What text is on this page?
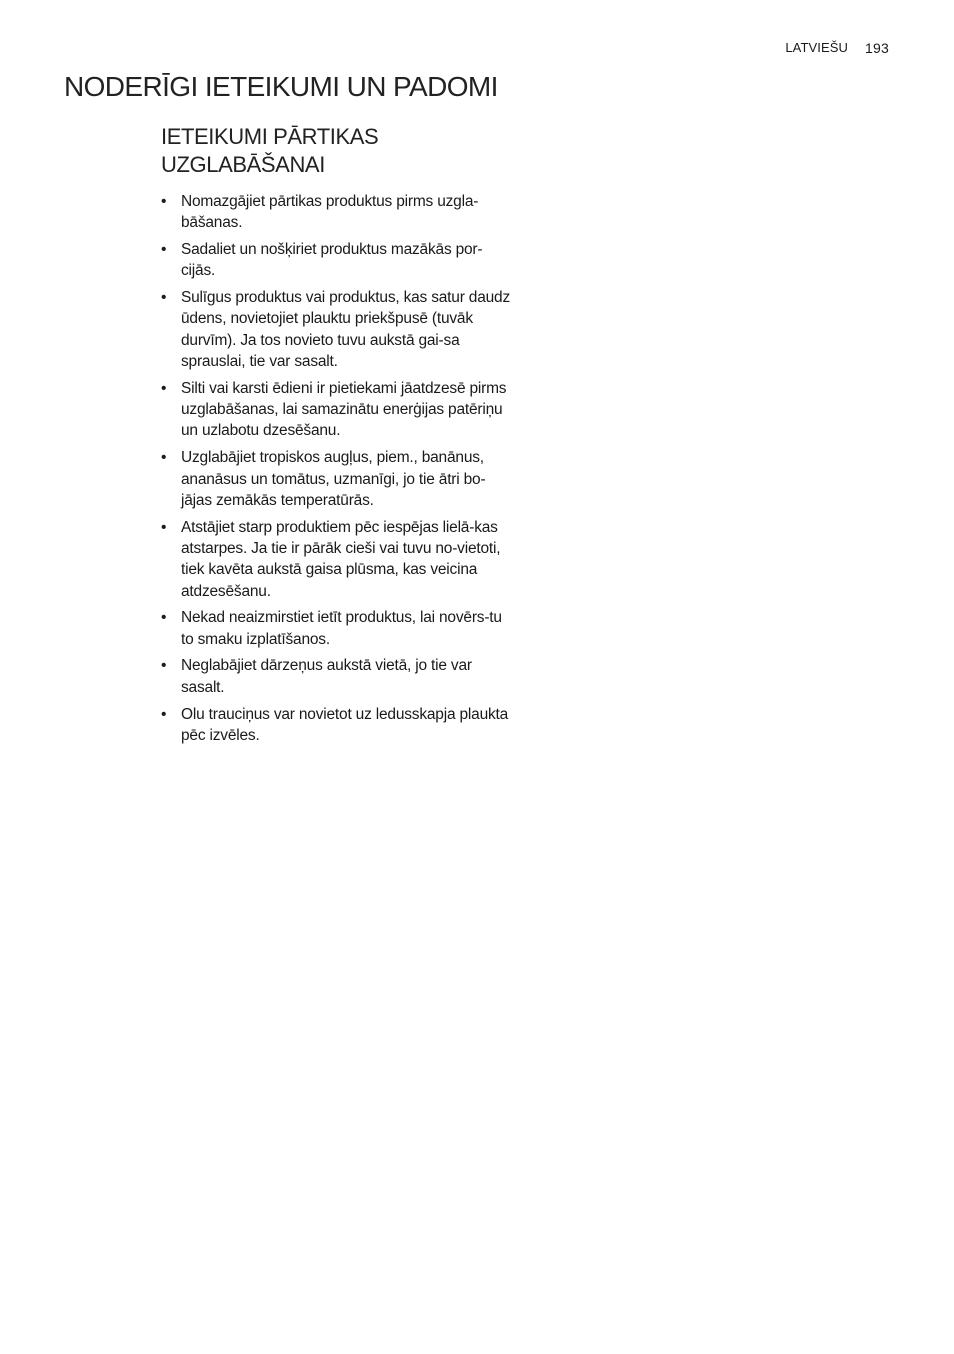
LATVIEŠU 193
NODERĪGI IETEIKUMI UN PADOMI
IETEIKUMI PĀRTIKAS UZGLABĀŠANAI
• Nomazgājiet pārtikas produktus pirms uzgla-bāšanas.
• Sadaliet un nošķiriet produktus mazākās por-cijās.
• Sulīgus produktus vai produktus, kas satur daudz ūdens, novietojiet plauktu priekšpusē (tuvāk durvīm). Ja tos novieto tuvu aukstā gai-sa sprauslai, tie var sasalt.
• Silti vai karsti ēdieni ir pietiekami jāatdzesē pirms uzglabāšanas, lai samazinātu enerģijas patēriņu un uzlabotu dzesēšanu.
• Uzglabājiet tropiskos augļus, piem., banānus, ananāsus un tomātus, uzmanīgi, jo tie ātri bo-jājas zemākās temperatūrās.
• Atstājiet starp produktiem pēc iespējas lielā-kas atstarpes. Ja tie ir pārāk cieši vai tuvu no-vietoti, tiek kavēta aukstā gaisa plūsma, kas veicina atdzesēšanu.
• Nekad neaizmirstiet ietīt produktus, lai novērs-tu to smaku izplatīšanos.
• Neglabājiet dārzeņus aukstā vietā, jo tie var sasalt.
• Olu trauciņus var novietot uz ledusskapja plaukta pēc izvēles.
